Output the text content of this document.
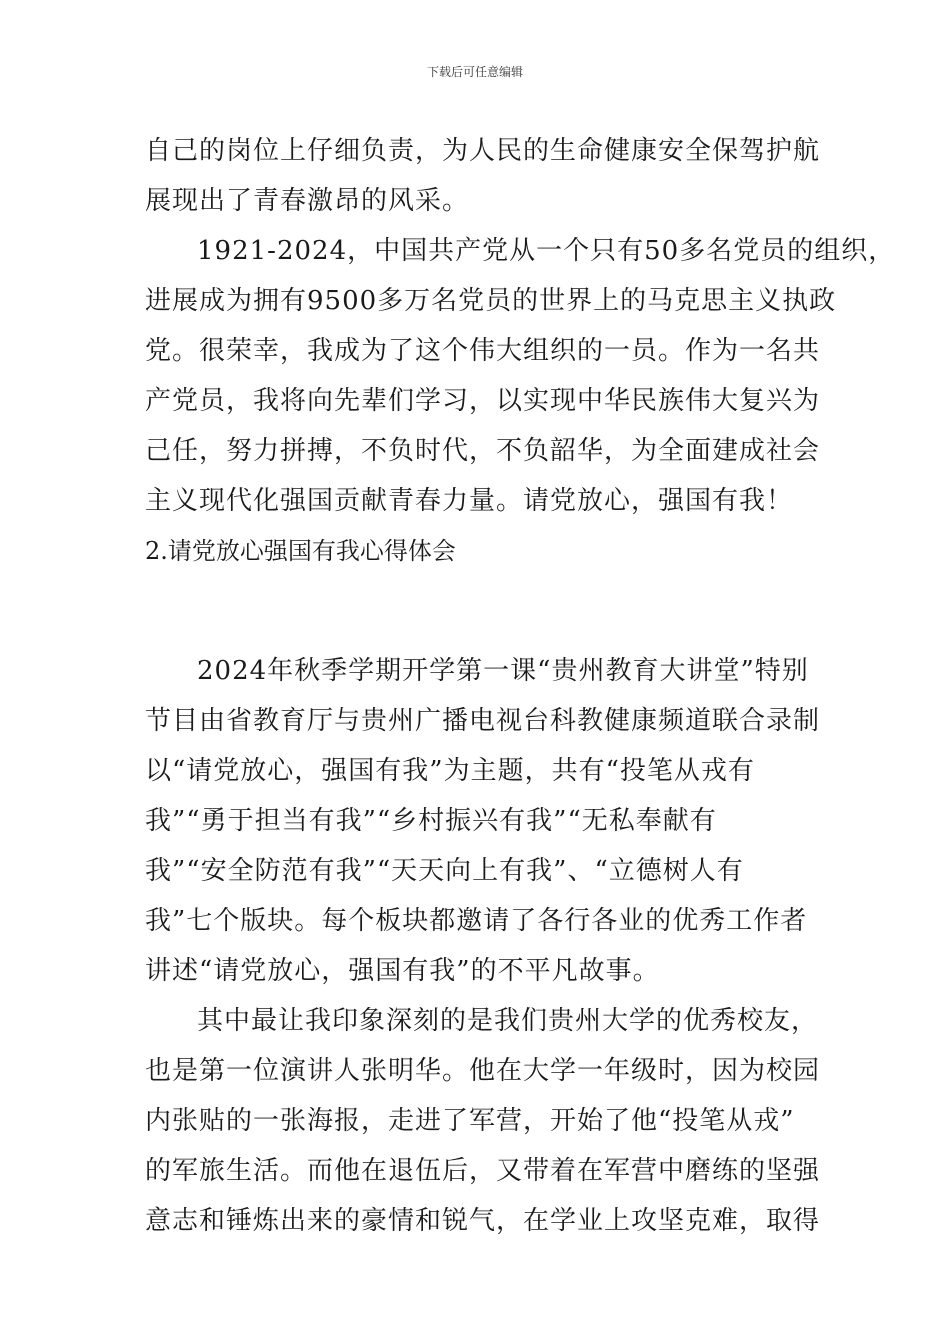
下载后可任意编辑

自己的岗位上仔细负责，为人民的生命健康安全保驾护航

展现出了青春激昂的风采。

1921-2024，中国共产党从一个只有50多名党员的组织，

进展成为拥有9500多万名党员的世界上的马克思主义执政

党。很荣幸，我成为了这个伟大组织的一员。作为一名共

产党员，我将向先辈们学习，以实现中华民族伟大复兴为

己任，努力拼搏，不负时代，不负韶华，为全面建成社会

主义现代化强国贡献青春力量。请党放心，强国有我！

2.请党放心强国有我心得体会

2024年秋季学期开学第一课“贵州教育大讲堂”特别

节目由省教育厅与贵州广播电视台科教健康频道联合录制

以“请党放心，强国有我”为主题，共有“投笔从戎有

我”“勇于担当有我”“乡村振兴有我”“无私奉献有

我”“安全防范有我”“天天向上有我”、“立德树人有

我”七个版块。每个板块都邀请了各行各业的优秀工作者

讲述“请党放心，强国有我”的不平凡故事。

其中最让我印象深刻的是我们贵州大学的优秀校友，

也是第一位演讲人张明华。他在大学一年级时，因为校园

内张贴的一张海报，走进了军营，开始了他“投笔从戎”

的军旅生活。而他在退伍后，又带着在军营中磨练的坚强

意志和锤炼出来的豪情和锐气，在学业上攻坚克难，取得
